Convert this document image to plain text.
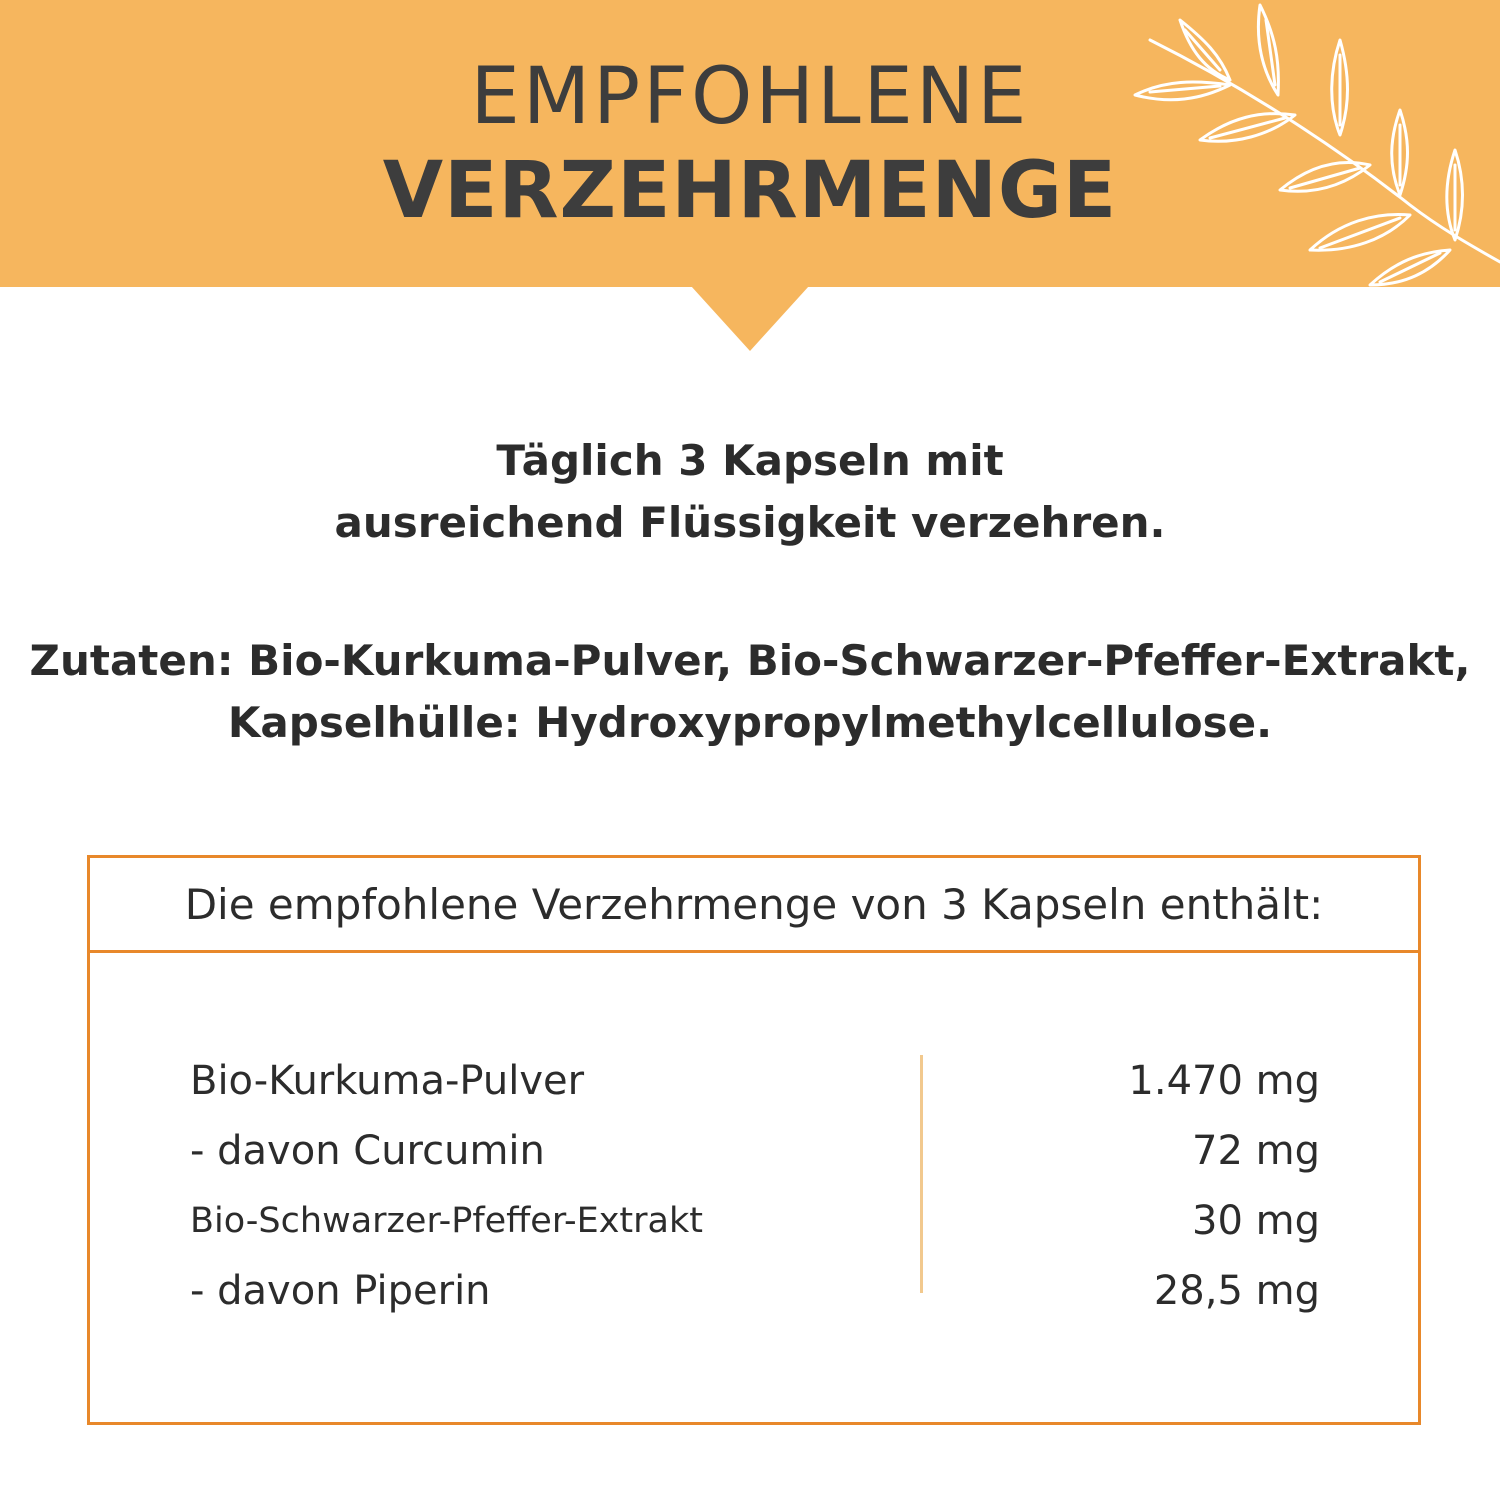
EMPFOHLENE
VERZEHRMENGE
Täglich 3 Kapseln mit
ausreichend Flüssigkeit verzehren.
Zutaten: Bio-Kurkuma-Pulver, Bio-Schwarzer-Pfeffer-Extrakt,
Kapselhülle: Hydroxypropylmethylcellulose.
Die empfohlene Verzehrmenge von 3 Kapseln enthält:
Bio-Kurkuma-Pulver	1.470 mg
- davon Curcumin	72 mg
Bio-Schwarzer-Pfeffer-Extrakt	30 mg
- davon Piperin	28,5 mg
